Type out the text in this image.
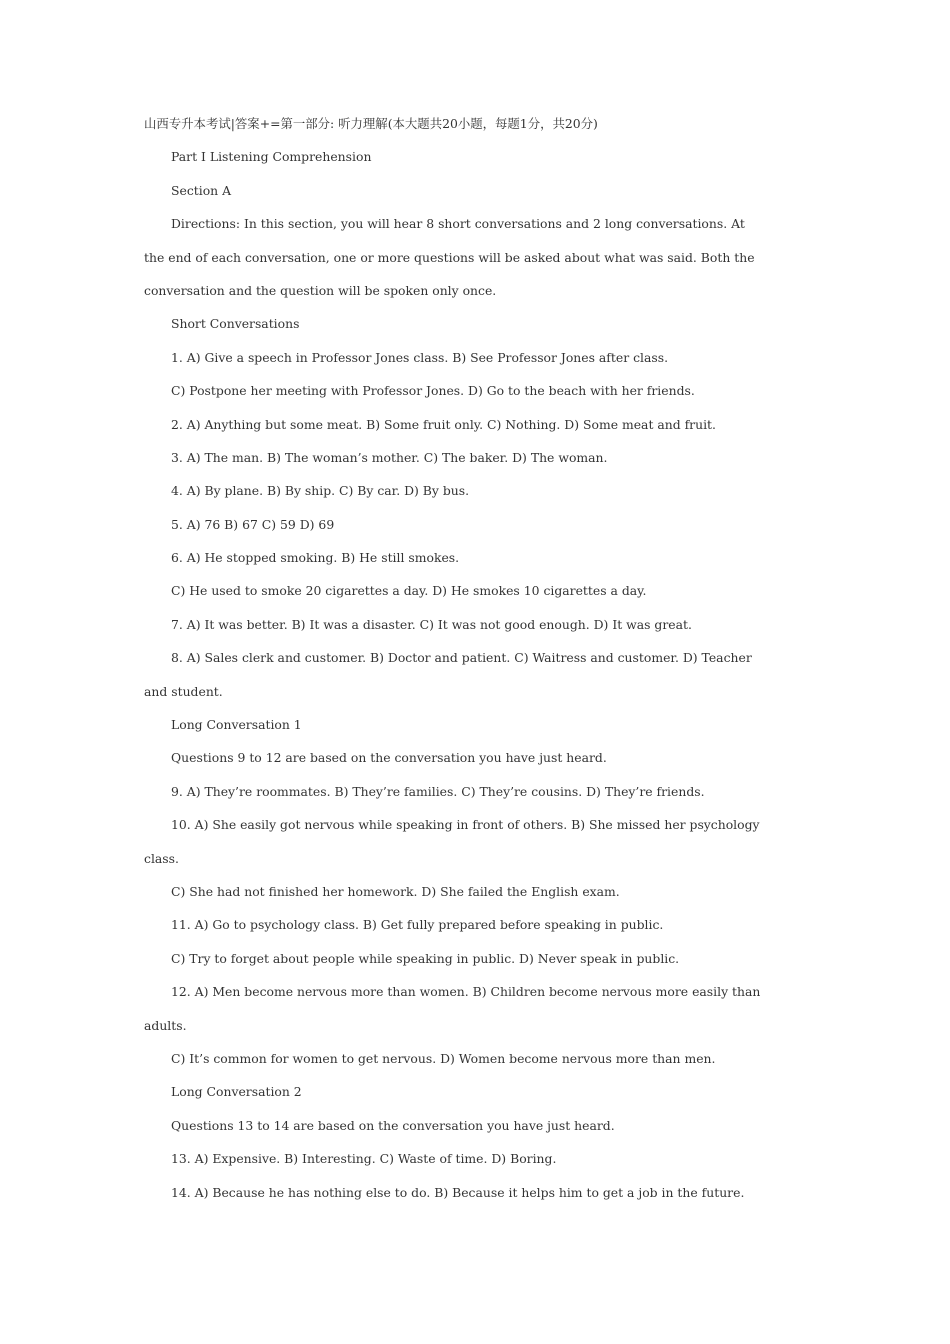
山西专升本考试|答案+=第一部分: 听力理解(本大题共20小题，每题1分，共20分)
Part I Listening Comprehension
Section A
Directions: In this section, you will hear 8 short conversations and 2 long conversations. At
the end of each conversation, one or more questions will be asked about what was said. Both the
conversation and the question will be spoken only once.
Short Conversations
1. A) Give a speech in Professor Jones class. B) See Professor Jones after class.
C) Postpone her meeting with Professor Jones. D) Go to the beach with her friends.
2. A) Anything but some meat. B) Some fruit only. C) Nothing. D) Some meat and fruit.
3. A) The man. B) The woman’s mother. C) The baker. D) The woman.
4. A) By plane. B) By ship. C) By car. D) By bus.
5. A) 76 B) 67 C) 59 D) 69
6. A) He stopped smoking. B) He still smokes.
C) He used to smoke 20 cigarettes a day. D) He smokes 10 cigarettes a day.
7. A) It was better. B) It was a disaster. C) It was not good enough. D) It was great.
8. A) Sales clerk and customer. B) Doctor and patient. C) Waitress and customer. D) Teacher
and student.
Long Conversation 1
Questions 9 to 12 are based on the conversation you have just heard.
9. A) They’re roommates. B) They’re families. C) They’re cousins. D) They’re friends.
10. A) She easily got nervous while speaking in front of others. B) She missed her psychology
class.
C) She had not finished her homework. D) She failed the English exam.
11. A) Go to psychology class. B) Get fully prepared before speaking in public.
C) Try to forget about people while speaking in public. D) Never speak in public.
12. A) Men become nervous more than women. B) Children become nervous more easily than
adults.
C) It’s common for women to get nervous. D) Women become nervous more than men.
Long Conversation 2
Questions 13 to 14 are based on the conversation you have just heard.
13. A) Expensive. B) Interesting. C) Waste of time. D) Boring.
14. A) Because he has nothing else to do. B) Because it helps him to get a job in the future.
